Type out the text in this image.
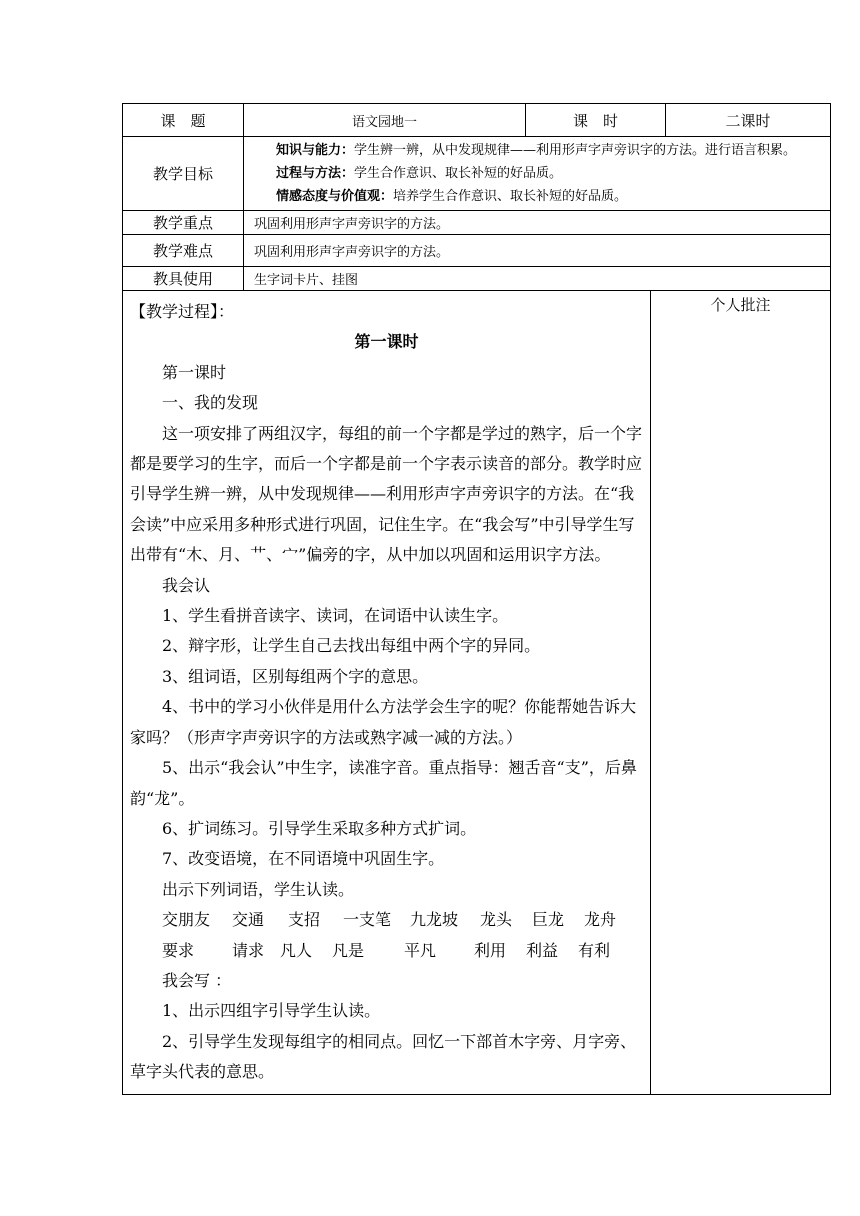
课　题	语文园地一	课　时	二课时
教学目标	知识与能力：学生辨一辨，从中发现规律——利用形声字声旁识字的方法。进行语言积累。

过程与方法：学生合作意识、取长补短的好品质。

情感态度与价值观：培养学生合作意识、取长补短的好品质。		

教学重点	巩固利用形声字声旁识字的方法。		
教学难点	巩固利用形声字声旁识字的方法。		
教具使用	生字词卡片、挂图		

【教学过程】：

第一课时

第一课时

一、我的发现

这一项安排了两组汉字，每组的前一个字都是学过的熟字，后一个字都是要学习的生字，而后一个字都是前一个字表示读音的部分。教学时应引导学生辨一辨，从中发现规律——利用形声字声旁识字的方法。在“我会读”中应采用多种形式进行巩固，记住生字。在“我会写”中引导学生写出带有“木、月、艹、宀”偏旁的字，从中加以巩固和运用识字方法。

我会认

1、学生看拼音读字、读词，在词语中认读生字。

2、辩字形，让学生自己去找出每组中两个字的异同。

3、组词语，区别每组两个字的意思。

4、书中的学习小伙伴是用什么方法学会生字的呢？你能帮她告诉大家吗？（形声字声旁识字的方法或熟字减一减的方法。）

5、出示“我会认”中生字，读准字音。重点指导：翘舌音“支”，后鼻韵“龙”。

6、扩词练习。引导学生采取多种方式扩词。

7、改变语境，在不同语境中巩固生字。

出示下列词语，学生认读。

交朋友	交通	支招	一支笔	九龙坡	龙头	巨龙	龙舟
要求	请求 凡人	凡是	平凡	利用	利益	有利

我会写 ：

1、出示四组字引导学生认读。

2、引导学生发现每组字的相同点。回忆一下部首木字旁、月字旁、草字头代表的意思。

	个人批注
